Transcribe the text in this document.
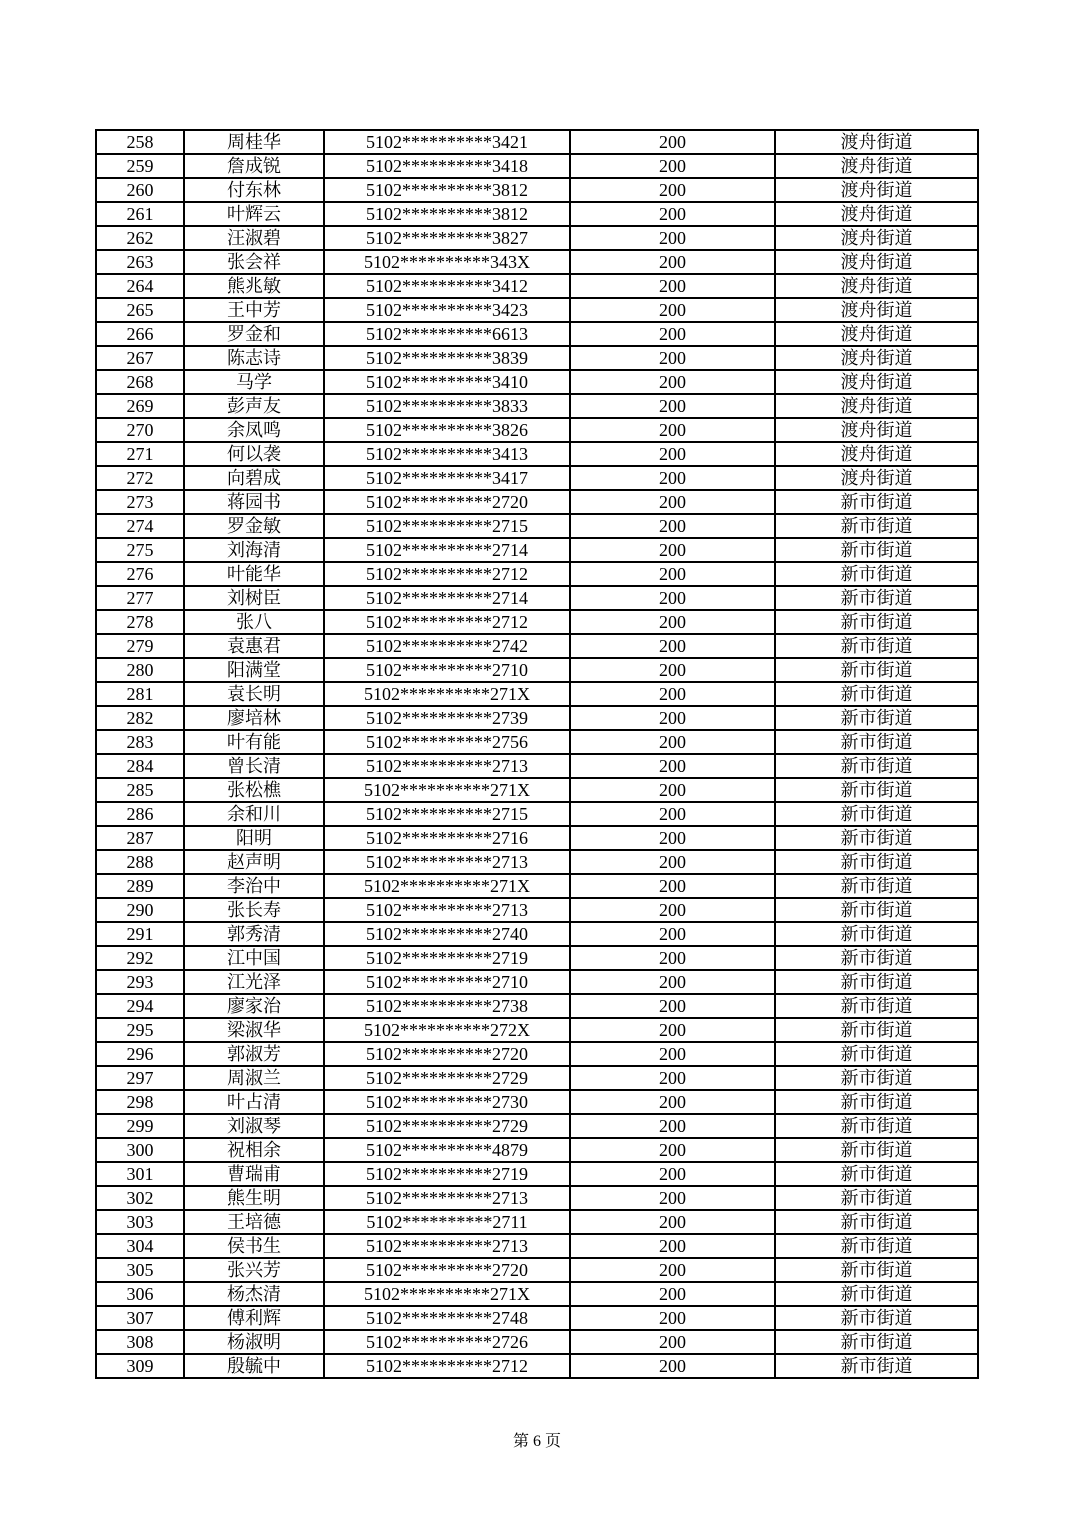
258	周桂华	5102**********3421	200	渡舟街道
259	詹成锐	5102**********3418	200	渡舟街道
260	付东林	5102**********3812	200	渡舟街道
261	叶辉云	5102**********3812	200	渡舟街道
262	汪淑碧	5102**********3827	200	渡舟街道
263	张会祥	5102**********343X	200	渡舟街道
264	熊兆敏	5102**********3412	200	渡舟街道
265	王中芳	5102**********3423	200	渡舟街道
266	罗金和	5102**********6613	200	渡舟街道
267	陈志诗	5102**********3839	200	渡舟街道
268	马学	5102**********3410	200	渡舟街道
269	彭声友	5102**********3833	200	渡舟街道
270	余凤鸣	5102**********3826	200	渡舟街道
271	何以袭	5102**********3413	200	渡舟街道
272	向碧成	5102**********3417	200	渡舟街道
273	蒋园书	5102**********2720	200	新市街道
274	罗金敏	5102**********2715	200	新市街道
275	刘海清	5102**********2714	200	新市街道
276	叶能华	5102**********2712	200	新市街道
277	刘树臣	5102**********2714	200	新市街道
278	张八	5102**********2712	200	新市街道
279	袁惠君	5102**********2742	200	新市街道
280	阳满堂	5102**********2710	200	新市街道
281	袁长明	5102**********271X	200	新市街道
282	廖培林	5102**********2739	200	新市街道
283	叶有能	5102**********2756	200	新市街道
284	曾长清	5102**********2713	200	新市街道
285	张松樵	5102**********271X	200	新市街道
286	余和川	5102**********2715	200	新市街道
287	阳明	5102**********2716	200	新市街道
288	赵声明	5102**********2713	200	新市街道
289	李治中	5102**********271X	200	新市街道
290	张长寿	5102**********2713	200	新市街道
291	郭秀清	5102**********2740	200	新市街道
292	江中国	5102**********2719	200	新市街道
293	江光泽	5102**********2710	200	新市街道
294	廖家治	5102**********2738	200	新市街道
295	梁淑华	5102**********272X	200	新市街道
296	郭淑芳	5102**********2720	200	新市街道
297	周淑兰	5102**********2729	200	新市街道
298	叶占清	5102**********2730	200	新市街道
299	刘淑琴	5102**********2729	200	新市街道
300	祝相余	5102**********4879	200	新市街道
301	曹瑞甫	5102**********2719	200	新市街道
302	熊生明	5102**********2713	200	新市街道
303	王培德	5102**********2711	200	新市街道
304	侯书生	5102**********2713	200	新市街道
305	张兴芳	5102**********2720	200	新市街道
306	杨杰清	5102**********271X	200	新市街道
307	傅利辉	5102**********2748	200	新市街道
308	杨淑明	5102**********2726	200	新市街道
309	殷毓中	5102**********2712	200	新市街道
第 6 页
